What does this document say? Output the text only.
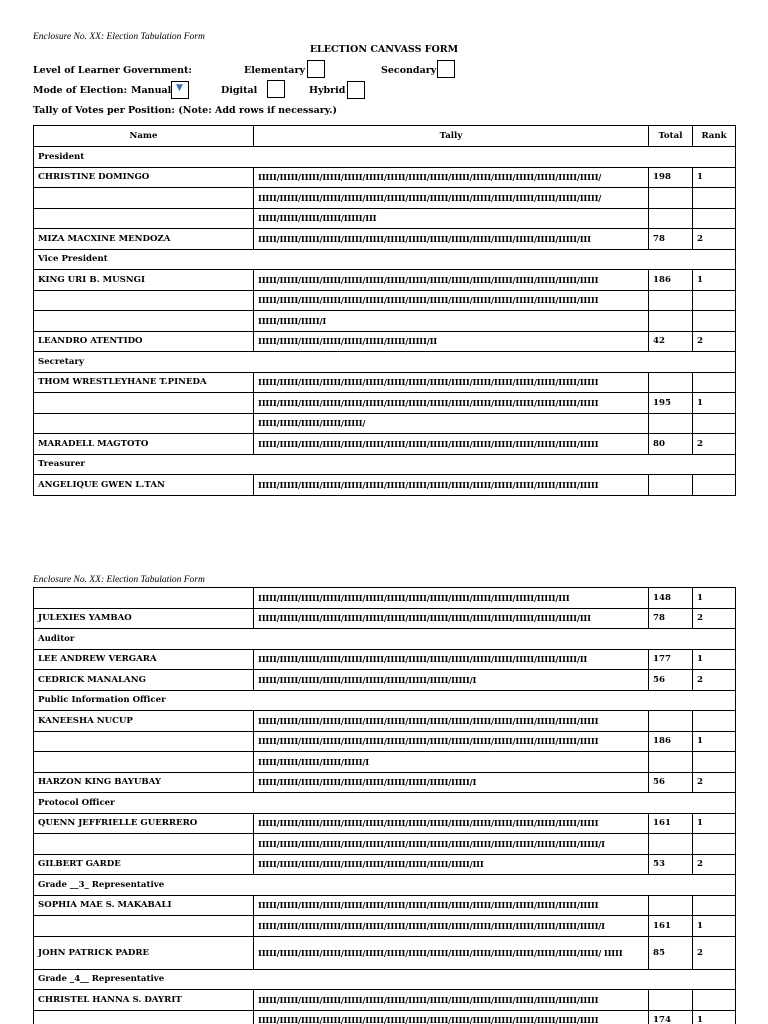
Enclosure No. XX: Election Tabulation Form
ELECTION CANVASS FORM
Level of Learner Government:	Elementary	Secondary
Mode of Election: Manual ▼	Digital	Hybrid
Tally of Votes per Position: (Note: Add rows if necessary.)
Name	Tally	Total	Rank
President			
CHRISTINE DOMINGO	IIIII/IIIII/IIIII/IIIII/IIIII/IIIII/IIIII/IIIII/IIIII/IIIII/IIIII/IIIII/IIIII/IIIII/IIIII/IIIII/	198	1
	IIIII/IIIII/IIIII/IIIII/IIIII/IIIII/IIIII/IIIII/IIIII/IIIII/IIIII/IIIII/IIIII/IIIII/IIIII/IIIII/		
	IIIII/IIIII/IIIII/IIIII/IIIII/III		
MIZA MACXINE MENDOZA	IIIII/IIIII/IIIII/IIIII/IIIII/IIIII/IIIII/IIIII/IIIII/IIIII/IIIII/IIIII/IIIII/IIIII/IIIII/III	78	2
Vice President			
KING URI B. MUSNGI	IIIII/IIIII/IIIII/IIIII/IIIII/IIIII/IIIII/IIIII/IIIII/IIIII/IIIII/IIIII/IIIII/IIIII/IIIII/IIIII	186	1
	IIIII/IIIII/IIIII/IIIII/IIIII/IIIII/IIIII/IIIII/IIIII/IIIII/IIIII/IIIII/IIIII/IIIII/IIIII/IIIII		
	IIIII/IIIII/IIIII/I		
LEANDRO ATENTIDO	IIIII/IIIII/IIIII/IIIII/IIIII/IIIII/IIIII/IIIII/II	42	2
Secretary			
THOM WRESTLEYHANE T.PINEDA	IIIII/IIIII/IIIII/IIIII/IIIII/IIIII/IIIII/IIIII/IIIII/IIIII/IIIII/IIIII/IIIII/IIIII/IIIII/IIIII		
	IIIII/IIIII/IIIII/IIIII/IIIII/IIIII/IIIII/IIIII/IIIII/IIIII/IIIII/IIIII/IIIII/IIIII/IIIII/IIIII	195	1
	IIIII/IIIII/IIIII/IIIII/IIIII/		
MARADELL MAGTOTO	IIIII/IIIII/IIIII/IIIII/IIIII/IIIII/IIIII/IIIII/IIIII/IIIII/IIIII/IIIII/IIIII/IIIII/IIIII/IIIII	80	2
Treasurer			
ANGELIQUE GWEN L.TAN	IIIII/IIIII/IIIII/IIIII/IIIII/IIIII/IIIII/IIIII/IIIII/IIIII/IIIII/IIIII/IIIII/IIIII/IIIII/IIIII		
Enclosure No. XX: Election Tabulation Form
	IIIII/IIIII/IIIII/IIIII/IIIII/IIIII/IIIII/IIIII/IIIII/IIIII/IIIII/IIIII/IIIII/IIIII/III	148	1
JULEXIES YAMBAO	IIIII/IIIII/IIIII/IIIII/IIIII/IIIII/IIIII/IIIII/IIIII/IIIII/IIIII/IIIII/IIIII/IIIII/IIIII/III	78	2
Auditor			
LEE ANDREW VERGARA	IIIII/IIIII/IIIII/IIIII/IIIII/IIIII/IIIII/IIIII/IIIII/IIIII/IIIII/IIIII/IIIII/IIIII/IIIII/II	177	1
CEDRICK MANALANG	IIIII/IIIII/IIIII/IIIII/IIIII/IIIII/IIIII/IIIII/IIIII/IIIII/I	56	2
Public Information Officer			
KANEESHA NUCUP	IIIII/IIIII/IIIII/IIIII/IIIII/IIIII/IIIII/IIIII/IIIII/IIIII/IIIII/IIIII/IIIII/IIIII/IIIII/IIIII		
	IIIII/IIIII/IIIII/IIIII/IIIII/IIIII/IIIII/IIIII/IIIII/IIIII/IIIII/IIIII/IIIII/IIIII/IIIII/IIIII	186	1
	IIIII/IIIII/IIIII/IIIII/IIIII/I		
HARZON KING BAYUBAY	IIIII/IIIII/IIIII/IIIII/IIIII/IIIII/IIIII/IIIII/IIIII/IIIII/I	56	2
Protocol Officer			
QUENN JEFFRIELLE GUERRERO	IIIII/IIIII/IIIII/IIIII/IIIII/IIIII/IIIII/IIIII/IIIII/IIIII/IIIII/IIIII/IIIII/IIIII/IIIII/IIIII	161	1
	IIIII/IIIII/IIIII/IIIII/IIIII/IIIII/IIIII/IIIII/IIIII/IIIII/IIIII/IIIII/IIIII/IIIII/IIIII/IIIII/I		
GILBERT GARDE	IIIII/IIIII/IIIII/IIIII/IIIII/IIIII/IIIII/IIIII/IIIII/IIIII/III	53	2
Grade __3_ Representative			
SOPHIA MAE S. MAKABALI	IIIII/IIIII/IIIII/IIIII/IIIII/IIIII/IIIII/IIIII/IIIII/IIIII/IIIII/IIIII/IIIII/IIIII/IIIII/IIIII		
	IIIII/IIIII/IIIII/IIIII/IIIII/IIIII/IIIII/IIIII/IIIII/IIIII/IIIII/IIIII/IIIII/IIIII/IIIII/IIIII/I	161	1
JOHN PATRICK PADRE	IIIII/IIIII/IIIII/IIIII/IIIII/IIIII/IIIII/IIIII/IIIII/IIIII/IIIII/IIIII/IIIII/IIIII/IIIII/IIIII/ IIIII	85	2
Grade _4__ Representative			
CHRISTEL HANNA S. DAYRIT	IIIII/IIIII/IIIII/IIIII/IIIII/IIIII/IIIII/IIIII/IIIII/IIIII/IIIII/IIIII/IIIII/IIIII/IIIII/IIIII		
	IIIII/IIIII/IIIII/IIIII/IIIII/IIIII/IIIII/IIIII/IIIII/IIIII/IIIII/IIIII/IIIII/IIIII/IIIII/IIIII	174	1
